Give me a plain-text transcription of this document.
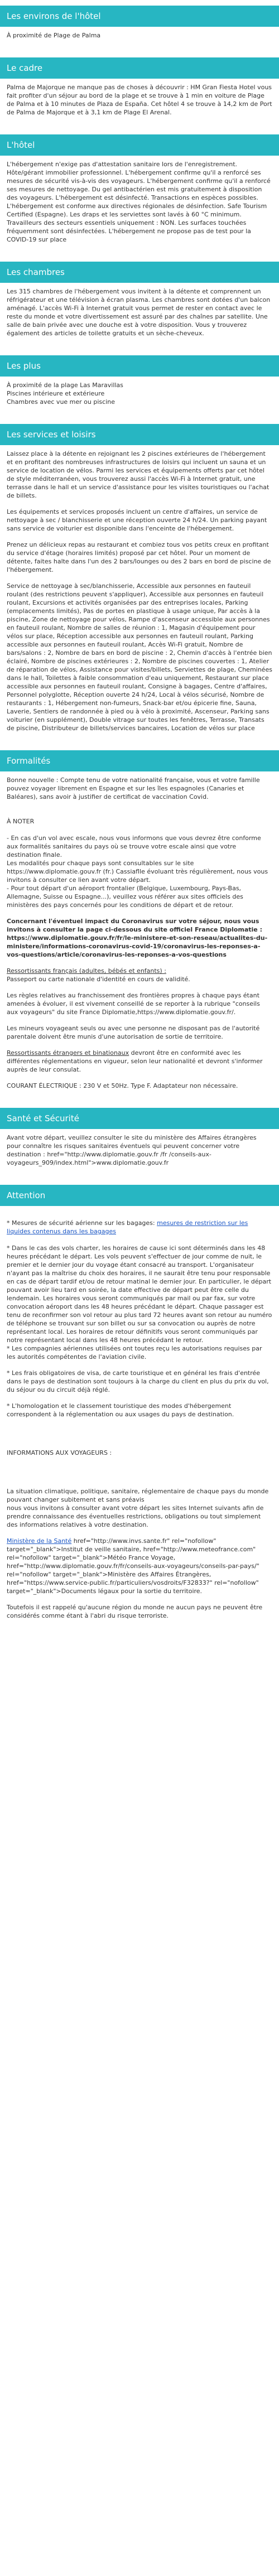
Les environs de l'hôtel

À proximité de Plage de Palma

Le cadre

Palma de Majorque ne manque pas de choses à découvrir : HM Gran Fiesta Hotel vous fait profiter d'un séjour au bord de la plage et se trouve à 1 min en voiture de Plage de Palma et à 10 minutes de Plaza de España. Cet hôtel 4 se trouve à 14,2 km de Port de Palma de Majorque et à 3,1 km de Plage El Arenal.

L'hôtel

L'hébergement n'exige pas d'attestation sanitaire lors de l'enregistrement. Hôte/gérant immobilier professionnel. L'hébergement confirme qu'il a renforcé ses mesures de sécurité vis-à-vis des voyageurs. L'hébergement confirme qu'il a renforcé ses mesures de nettoyage. Du gel antibactérien est mis gratuitement à disposition des voyageurs. L'hébergement est désinfecté. Transactions en espèces possibles. L'hébergement est conforme aux directives régionales de désinfection. Safe Tourism Certified (Espagne). Les draps et les serviettes sont lavés à 60 °C minimum. Travailleurs des secteurs essentiels uniquement : NON. Les surfaces touchées fréquemment sont désinfectées. L'hébergement ne propose pas de test pour la COVID-19 sur place

Les chambres

Les 315 chambres de l'hébergement vous invitent à la détente et comprennent un réfrigérateur et une télévision à écran plasma. Les chambres sont dotées d'un balcon aménagé. L'accès Wi-Fi à Internet gratuit vous permet de rester en contact avec le reste du monde et votre divertissement est assuré par des chaînes par satellite. Une salle de bain privée avec une douche est à votre disposition. Vous y trouverez également des articles de toilette gratuits et un sèche-cheveux.

Les plus

À proximité de la plage Las Maravillas
Piscines intérieure et extérieure
Chambres avec vue mer ou piscine

Les services et loisirs

Laissez place à la détente en rejoignant les 2 piscines extérieures de l'hébergement et en profitant des nombreuses infrastructures de loisirs qui incluent un sauna et un service de location de vélos. Parmi les services et équipements offerts par cet hôtel de style méditerranéen, vous trouverez aussi l'accès Wi-Fi à Internet gratuit, une terrasse dans le hall et un service d'assistance pour les visites touristiques ou l'achat de billets.

Les équipements et services proposés incluent un centre d'affaires, un service de nettoyage à sec / blanchisserie et une réception ouverte 24 h/24. Un parking payant sans service de voiturier est disponible dans l'enceinte de l'hébergement.

Prenez un délicieux repas au restaurant et combiez tous vos petits creux en profitant du service d'étage (horaires limités) proposé par cet hôtel. Pour un moment de détente, faites halte dans l'un des 2 bars/lounges ou des 2 bars en bord de piscine de l'hébergement.

Service de nettoyage à sec/blanchisserie, Accessible aux personnes en fauteuil roulant (des restrictions peuvent s'appliquer), Accessible aux personnes en fauteuil roulant, Excursions et activités organisées par des entreprises locales, Parking (emplacements limités), Pas de portes en plastique à usage unique, Par accès à la piscine, Zone de nettoyage pour vélos, Rampe d'ascenseur accessible aux personnes en fauteuil roulant, Nombre de salles de réunion : 1, Magasin d'équipement pour vélos sur place, Réception accessible aux personnes en fauteuil roulant, Parking accessible aux personnes en fauteuil roulant, Accès Wi-Fi gratuit, Nombre de bars/salons : 2, Nombre de bars en bord de piscine : 2, Chemin d'accès à l'entrée bien éclairé, Nombre de piscines extérieures : 2, Nombre de piscines couvertes : 1, Atelier de réparation de vélos, Assistance pour visites/billets, Serviettes de plage, Cheminées dans le hall, Toilettes à faible consommation d'eau uniquement, Restaurant sur place accessible aux personnes en fauteuil roulant, Consigne à bagages, Centre d'affaires, Personnel polyglotte, Réception ouverte 24 h/24, Local à vélos sécurisé, Nombre de restaurants : 1, Hébergement non-fumeurs, Snack-bar et/ou épicerie fine, Sauna, Laverie, Sentiers de randonnée à pied ou à vélo à proximité, Ascenseur, Parking sans voiturier (en supplément), Double vitrage sur toutes les fenêtres, Terrasse, Transats de piscine, Distributeur de billets/services bancaires, Location de vélos sur place

Formalités

Bonne nouvelle : Compte tenu de votre nationalité française, vous et votre famille pouvez voyager librement en Espagne et sur les îles espagnoles (Canaries et Baléares), sans avoir à justifier de certificat de vaccination Covid.

À NOTER

- En cas d'un vol avec escale, nous vous informons que vous devrez être conforme aux formalités sanitaires du pays où se trouve votre escale ainsi que votre destination finale.
Les modalités pour chaque pays sont consultables sur le site https://www.diplomatie.gouv.fr (fr.) Cassiaflle évoluant très régulièrement, nous vous invitons à consulter ce lien avant votre départ.
- Pour tout départ d'un aéroport frontalier (Belgique, Luxembourg, Pays-Bas, Allemagne, Suisse ou Espagne...), veuillez vous référer aux sites officiels des ministères des pays concernés pour les conditions de départ et de retour.

Concernant l'éventuel impact du Coronavirus sur votre séjour, nous vous invitons à consulter la page ci-dessous du site officiel France Diplomatie : https://www.diplomatie.gouv.fr/fr/le-ministere-et-son-reseau/actualites-du-ministere/informations-coronavirus-covid-19/coronavirus-les-reponses-a-vos-questions/article/coronavirus-les-reponses-a-vos-questions

Ressortissants français (adultes, bébés et enfants) :
Passeport ou carte nationale d'identité en cours de validité.

Les règles relatives au franchissement des frontières propres à chaque pays étant amenées à évoluer, il est vivement conseillé de se reporter à la rubrique "conseils aux voyageurs" du site France Diplomatie,https://www.diplomatie.gouv.fr/.

Les mineurs voyageant seuls ou avec une personne ne disposant pas de l'autorité parentale doivent être munis d'une autorisation de sortie de territoire.

Ressortissants étrangers et binationaux devront être en conformité avec les différentes réglementations en vigueur, selon leur nationalité et devront s'informer auprès de leur consulat.

COURANT ÉLECTRIQUE : 230 V et 50Hz. Type F. Adaptateur non nécessaire.

Santé et Sécurité

Avant votre départ, veuillez consulter le site du ministère des Affaires étrangères pour connaître les risques sanitaires éventuels qui peuvent concerner votre destination : href="http://www.diplomatie.gouv.fr /fr /conseils-aux-voyageurs_909/index.html">www.diplomatie.gouv.fr

Attention

* Mesures de sécurité aérienne sur les bagages: mesures de restriction sur les liquides contenus dans les bagages

* Dans le cas des vols charter, les horaires de cause ici sont déterminés dans les 48 heures précédant le départ. Les vols peuvent s'effectuer de jour comme de nuit, le premier et le dernier jour du voyage étant consacré au transport. L'organisateur n'ayant pas la maîtrise du choix des horaires, il ne saurait être tenu pour responsable en cas de départ tardif et/ou de retour matinal le dernier jour. En particulier, le départ pouvant avoir lieu tard en soirée, la date effective de départ peut être celle du lendemain. Les horaires vous seront communiqués par mail ou par fax, sur votre convocation aéroport dans les 48 heures précédant le départ. Chaque passager est tenu de reconfirmer son vol retour au plus tard 72 heures avant son retour au numéro de téléphone se trouvant sur son billet ou sur sa convocation ou auprès de notre représentant local. Les horaires de retour définitifs vous seront communiqués par notre représentant local dans les 48 heures précédant le retour.
* Les compagnies aériennes utilisées ont toutes reçu les autorisations requises par les autorités compétentes de l'aviation civile.

* Les frais obligatoires de visa, de carte touristique et en général les frais d'entrée dans le pays de destination sont toujours à la charge du client en plus du prix du vol, du séjour ou du circuit déjà réglé.

* L'homologation et le classement touristique des modes d'hébergement correspondent à la réglementation ou aux usages du pays de destination.

INFORMATIONS AUX VOYAGEURS :

La situation climatique, politique, sanitaire, réglementaire de chaque pays du monde pouvant changer subitement et sans préavis
nous vous invitons à consulter avant votre départ les sites Internet suivants afin de prendre connaissance des éventuelles restrictions, obligations ou tout simplement des informations relatives à votre destination.

Ministère de la Santé href="http://www.invs.sante.fr" rel="nofollow" target="_blank">Institut de veille sanitaire, href="http://www.meteofrance.com" rel="nofollow" target="_blank">Météo France Voyage, href="http://www.diplomatie.gouv.fr/fr/conseils-aux-voyageurs/conseils-par-pays/" rel="nofollow" target="_blank">Ministère des Affaires Étrangères, href="https://www.service-public.fr/particuliers/vosdroits/F32833?" rel="nofollow" target="_blank">Documents légaux pour la sortie du territoire.

Toutefois il est rappelé qu'aucune région du monde ne aucun pays ne peuvent être considérés comme étant à l'abri du risque terroriste.
